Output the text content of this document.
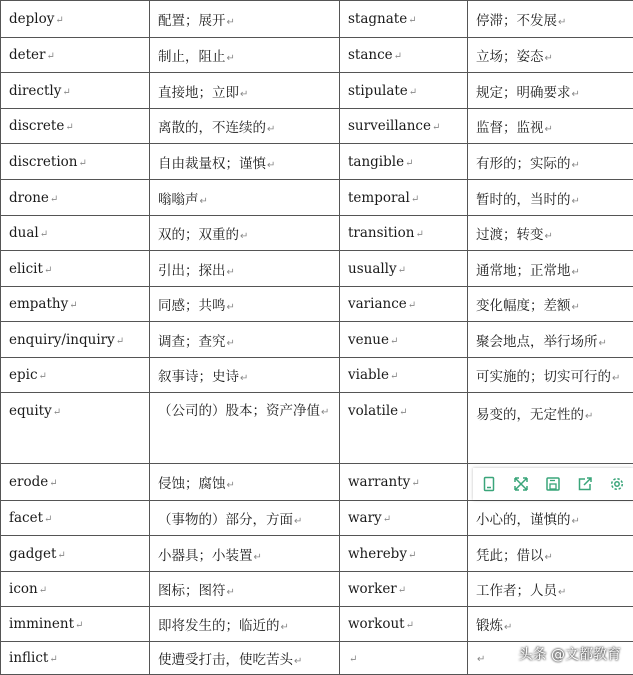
deploy↵	配置；展开↵	stagnate↵	停滞；不发展↵
deter↵	制止，阻止↵	stance↵	立场；姿态↵
directly↵	直接地；立即↵	stipulate↵	规定；明确要求↵
discrete↵	离散的，不连续的↵	surveillance↵	监督；监视↵
discretion↵	自由裁量权；谨慎↵	tangible↵	有形的；实际的↵
drone↵	嗡嗡声↵	temporal↵	暂时的，当时的↵
dual↵	双的；双重的↵	transition↵	过渡；转变↵
elicit↵	引出；探出↵	usually↵	通常地；正常地↵
empathy↵	同感；共鸣↵	variance↵	变化幅度；差额↵
enquiry/inquiry↵	调查；查究↵	venue↵	聚会地点，举行场所↵
epic↵	叙事诗；史诗↵	viable↵	可实施的；切实可行的↵
equity↵	（公司的）股本；资产净值↵	volatile↵	易变的，无定性的↵
erode↵	侵蚀；腐蚀↵	warranty↵	
facet↵	（事物的）部分，方面↵	wary↵	小心的，谨慎的↵
gadget↵	小器具；小装置↵	whereby↵	凭此；借以↵
icon↵	图标；图符↵	worker↵	工作者；人员↵
imminent↵	即将发生的；临近的↵	workout↵	锻炼↵
inflict↵	使遭受打击，使吃苦头↵	↵	↵ 头条 @文都教育
